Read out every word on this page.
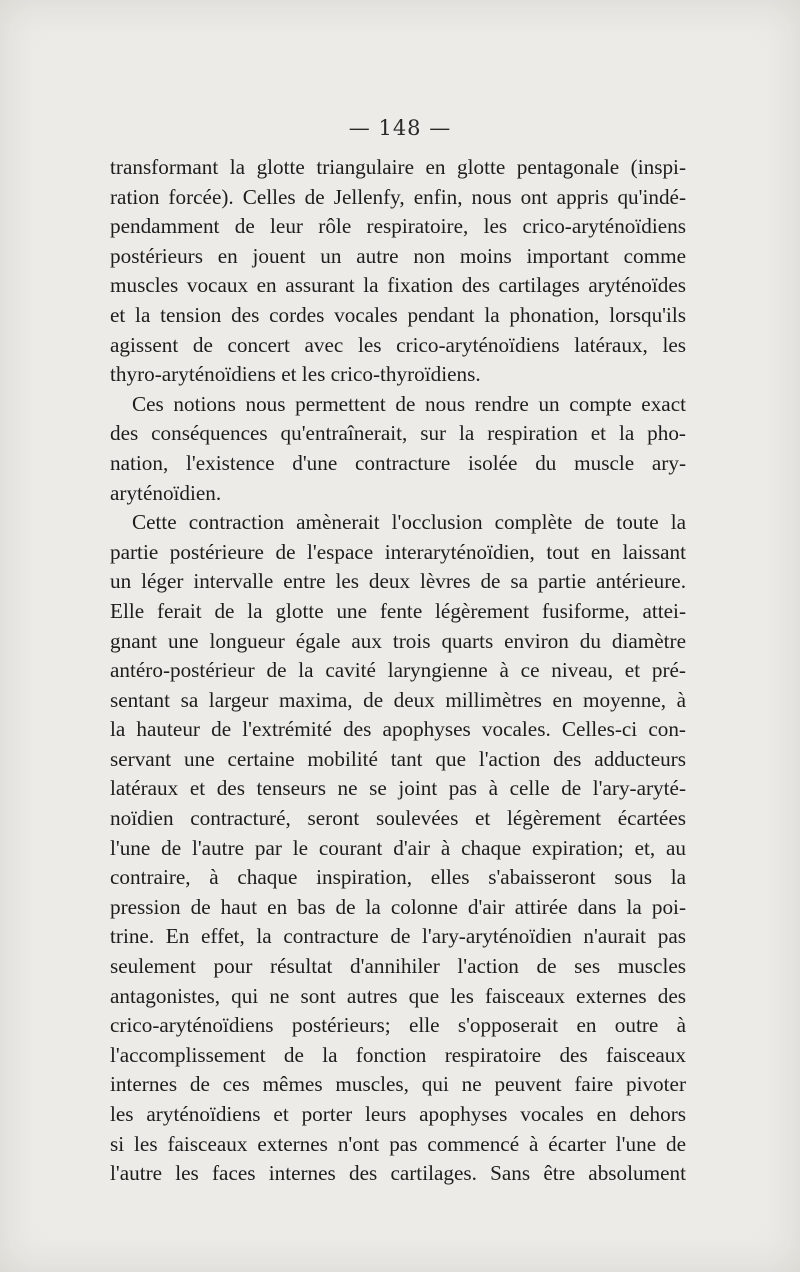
— 148 —
transformant la glotte triangulaire en glotte pentagonale (inspi-
ration forcée). Celles de Jellenfy, enfin, nous ont appris qu'indé-
pendamment de leur rôle respiratoire, les crico-aryténoïdiens
postérieurs en jouent un autre non moins important comme
muscles vocaux en assurant la fixation des cartilages aryténoïdes
et la tension des cordes vocales pendant la phonation, lorsqu'ils
agissent de concert avec les crico-aryténoïdiens latéraux, les
thyro-aryténoïdiens et les crico-thyroïdiens.
Ces notions nous permettent de nous rendre un compte exact
des conséquences qu'entraînerait, sur la respiration et la pho-
nation, l'existence d'une contracture isolée du muscle ary-
aryténoïdien.
Cette contraction amènerait l'occlusion complète de toute la
partie postérieure de l'espace interaryténoïdien, tout en laissant
un léger intervalle entre les deux lèvres de sa partie antérieure.
Elle ferait de la glotte une fente légèrement fusiforme, attei-
gnant une longueur égale aux trois quarts environ du diamètre
antéro-postérieur de la cavité laryngienne à ce niveau, et pré-
sentant sa largeur maxima, de deux millimètres en moyenne, à
la hauteur de l'extrémité des apophyses vocales. Celles-ci con-
servant une certaine mobilité tant que l'action des adducteurs
latéraux et des tenseurs ne se joint pas à celle de l'ary-aryté-
noïdien contracturé, seront soulevées et légèrement écartées
l'une de l'autre par le courant d'air à chaque expiration; et, au
contraire, à chaque inspiration, elles s'abaisseront sous la
pression de haut en bas de la colonne d'air attirée dans la poi-
trine. En effet, la contracture de l'ary-aryténoïdien n'aurait pas
seulement pour résultat d'annihiler l'action de ses muscles
antagonistes, qui ne sont autres que les faisceaux externes des
crico-aryténoïdiens postérieurs; elle s'opposerait en outre à
l'accomplissement de la fonction respiratoire des faisceaux
internes de ces mêmes muscles, qui ne peuvent faire pivoter
les aryténoïdiens et porter leurs apophyses vocales en dehors
si les faisceaux externes n'ont pas commencé à écarter l'une de
l'autre les faces internes des cartilages. Sans être absolument
